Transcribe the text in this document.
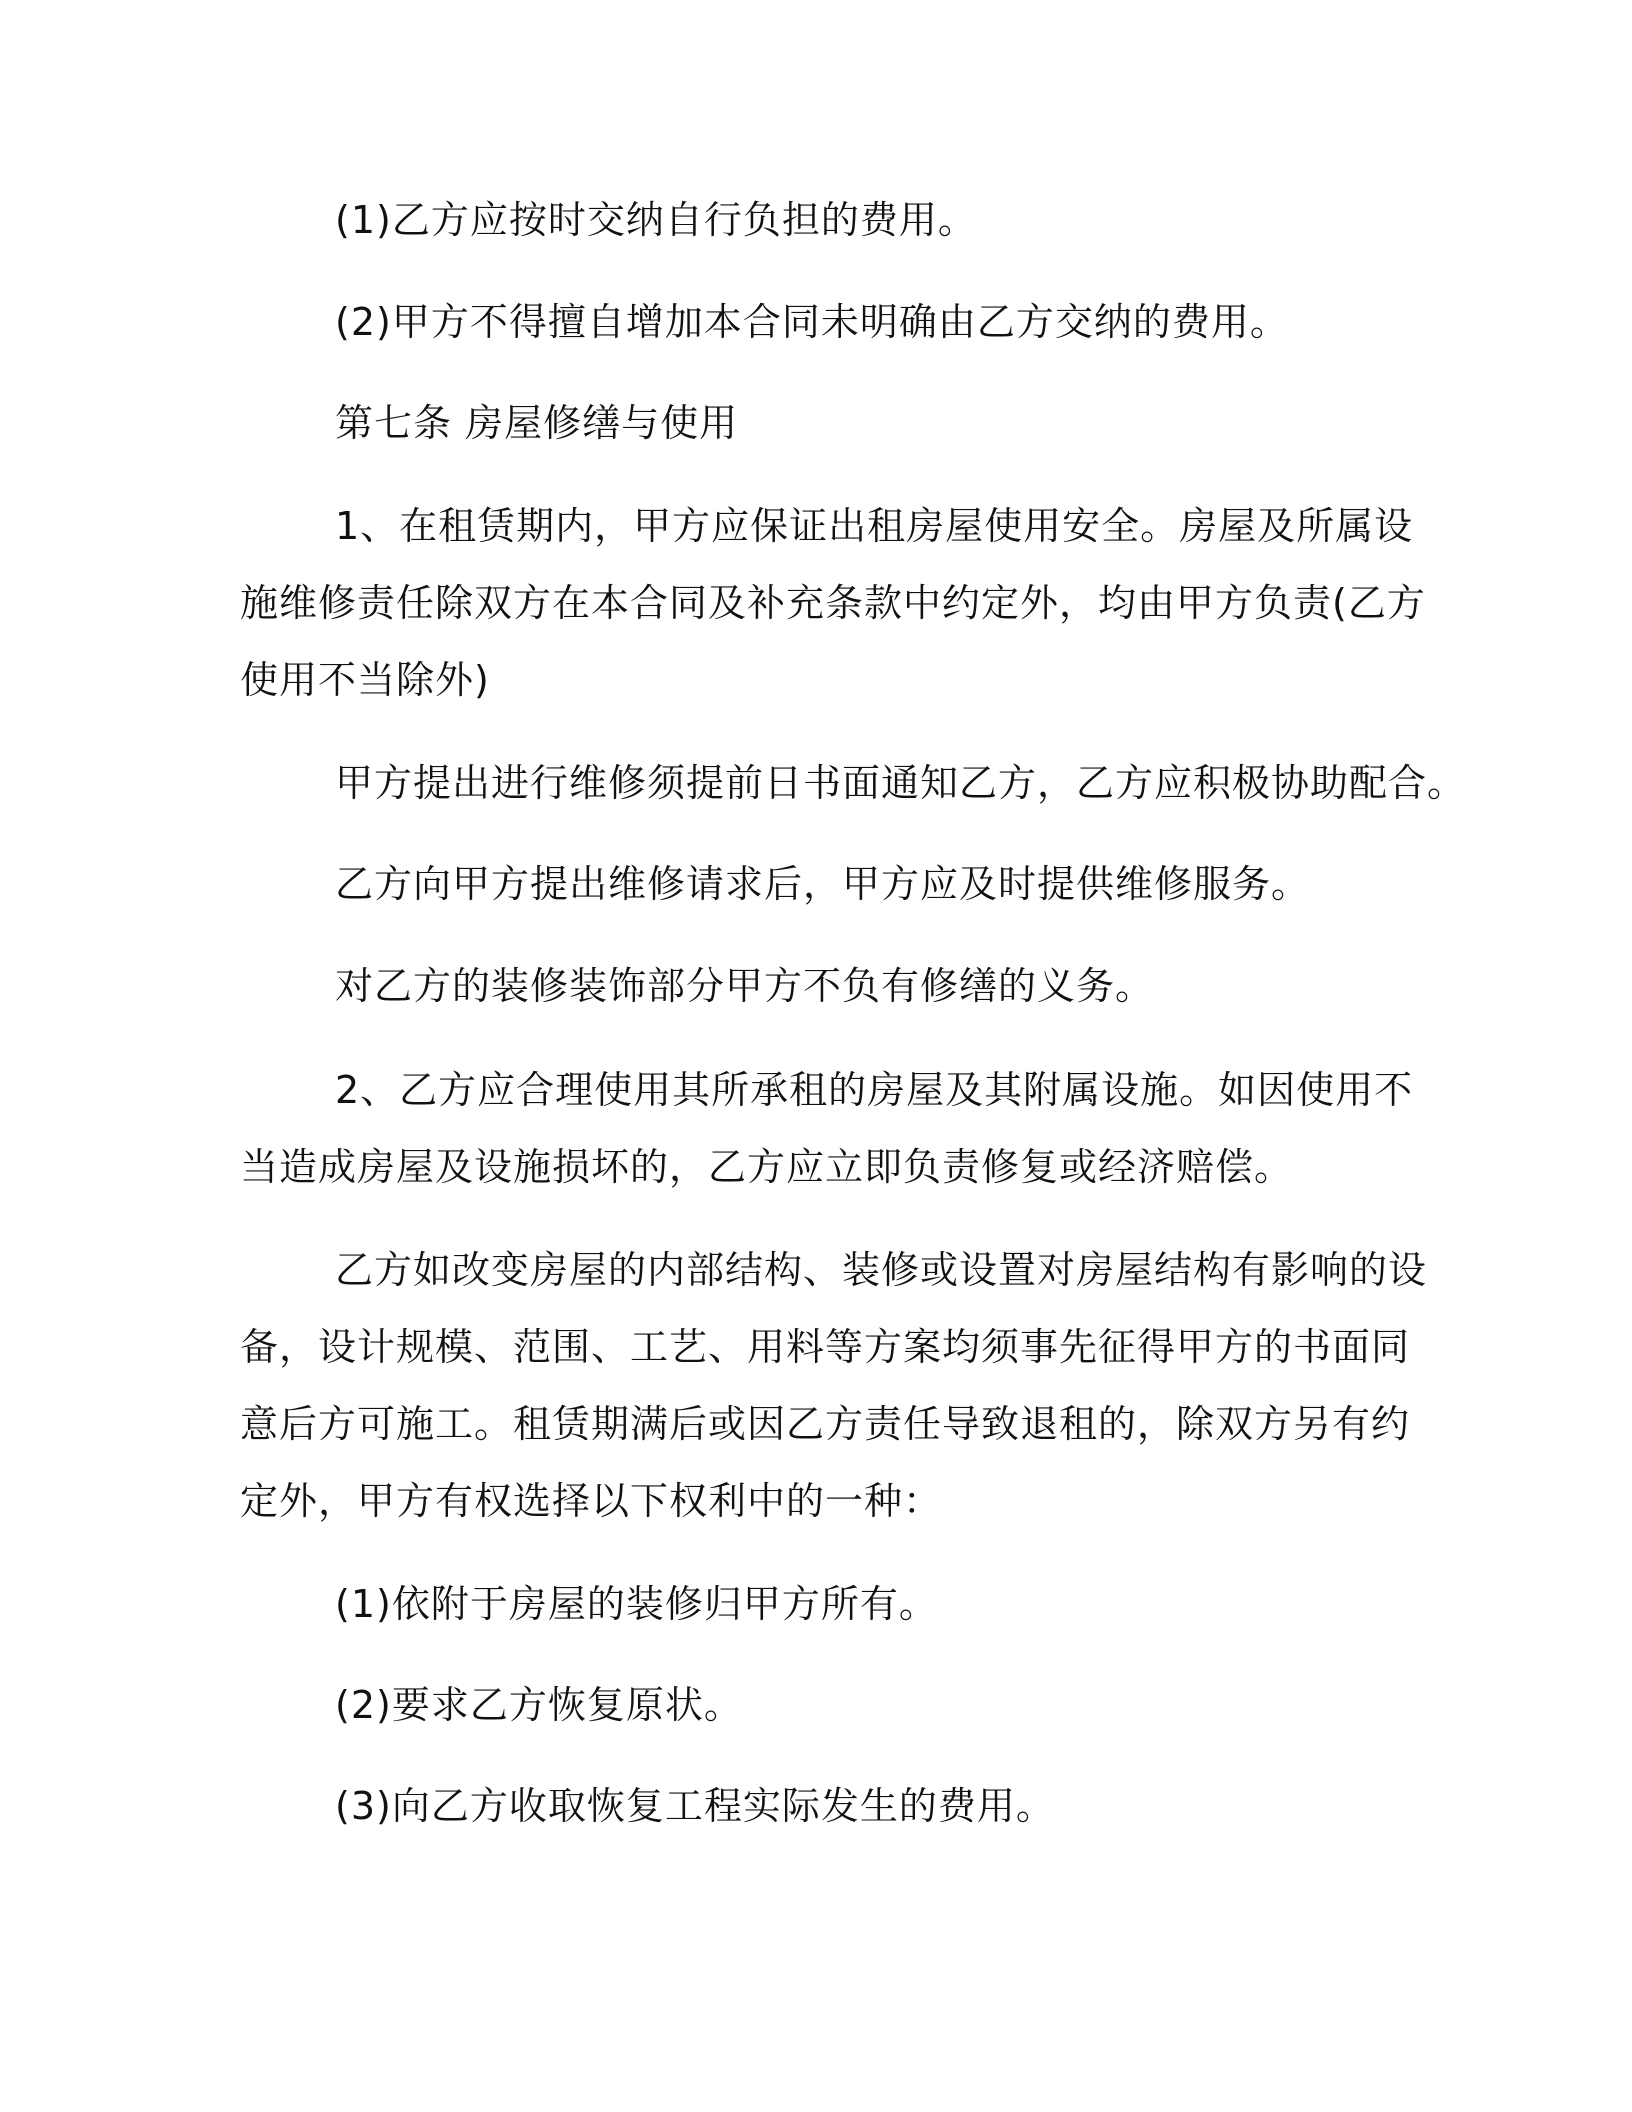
(1)乙方应按时交纳自行负担的费用。
(2)甲方不得擅自增加本合同未明确由乙方交纳的费用。
第七条 房屋修缮与使用
1、在租赁期内，甲方应保证出租房屋使用安全。房屋及所属设
施维修责任除双方在本合同及补充条款中约定外，均由甲方负责(乙方
使用不当除外)
甲方提出进行维修须提前日书面通知乙方，乙方应积极协助配合。
乙方向甲方提出维修请求后，甲方应及时提供维修服务。
对乙方的装修装饰部分甲方不负有修缮的义务。
2、乙方应合理使用其所承租的房屋及其附属设施。如因使用不
当造成房屋及设施损坏的，乙方应立即负责修复或经济赔偿。
乙方如改变房屋的内部结构、装修或设置对房屋结构有影响的设
备，设计规模、范围、工艺、用料等方案均须事先征得甲方的书面同
意后方可施工。租赁期满后或因乙方责任导致退租的，除双方另有约
定外，甲方有权选择以下权利中的一种：
(1)依附于房屋的装修归甲方所有。
(2)要求乙方恢复原状。
(3)向乙方收取恢复工程实际发生的费用。
